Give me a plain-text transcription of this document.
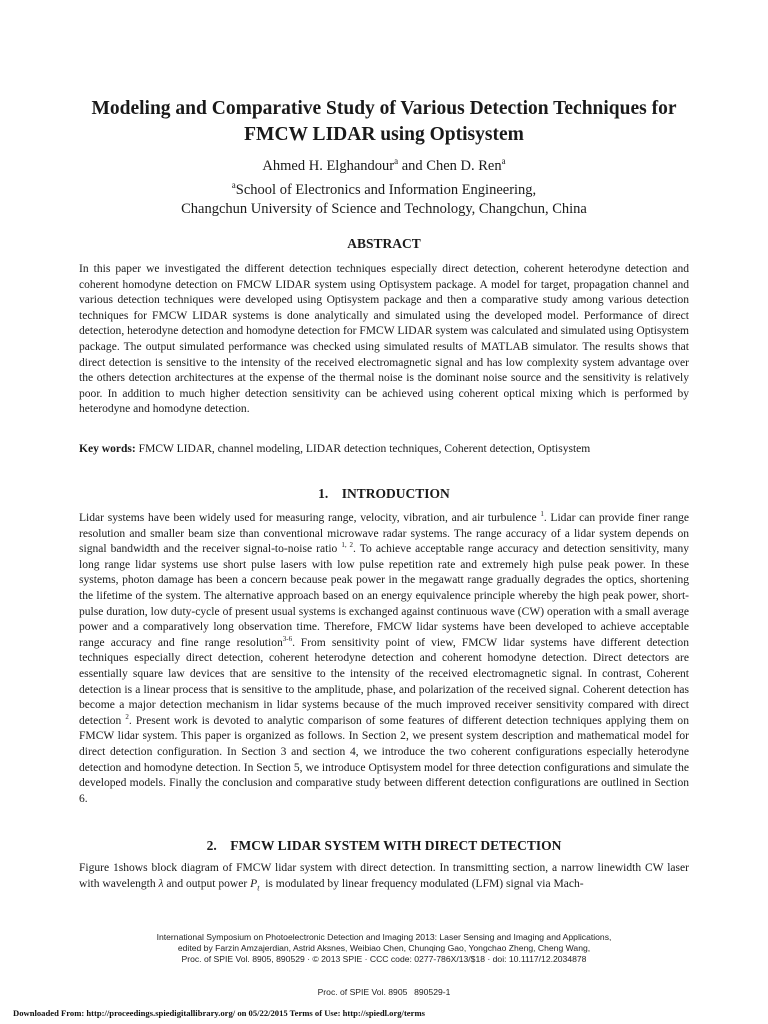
Modeling and Comparative Study of Various Detection Techniques for
FMCW LIDAR using Optisystem
Ahmed H. Elghandour$^a$ and Chen D. Ren$^a$
$^a$School of Electronics and Information Engineering,
Changchun University of Science and Technology, Changchun, China
ABSTRACT

In this paper we investigated the different detection techniques especially direct detection, coherent heterodyne detection and coherent homodyne detection on FMCW LIDAR system using Optisystem package. A model for target, propagation channel and various detection techniques were developed using Optisystem package and then a comparative study among various detection techniques for FMCW LIDAR systems is done analytically and simulated using the developed model. Performance of direct detection, heterodyne detection and homodyne detection for FMCW LIDAR system was calculated and simulated using Optisystem package. The output simulated performance was checked using simulated results of MATLAB simulator. The results shows that direct detection is sensitive to the intensity of the received electromagnetic signal and has low complexity system advantage over the others detection architectures at the expense of the thermal noise is the dominant noise source and the sensitivity is relatively poor. In addition to much higher detection sensitivity can be achieved using coherent optical mixing which is performed by heterodyne and homodyne detection.

Key words: FMCW LIDAR, channel modeling, LIDAR detection techniques, Coherent detection, Optisystem

1. INTRODUCTION

Lidar systems have been widely used for measuring range, velocity, vibration, and air turbulence $^1$. Lidar can provide finer range resolution and smaller beam size than conventional microwave radar systems. The range accuracy of a lidar system depends on signal bandwidth and the receiver signal-to-noise ratio $^{1, 2}$. To achieve acceptable range accuracy and detection sensitivity, many long range lidar systems use short pulse lasers with low pulse repetition rate and extremely high pulse peak power. In these systems, photon damage has been a concern because peak power in the megawatt range gradually degrades the optics, shortening the lifetime of the system. The alternative approach based on an energy equivalence principle whereby the high peak power, short-pulse duration, low duty-cycle of present usual systems is exchanged against continuous wave (CW) operation with a small average power and a comparatively long observation time. Therefore, FMCW lidar systems have been developed to achieve acceptable range accuracy and fine range resolution$^{3-6}$. From sensitivity point of view, FMCW lidar systems have different detection techniques especially direct detection, coherent heterodyne detection and coherent homodyne detection. Direct detectors are essentially square law devices that are sensitive to the intensity of the received electromagnetic signal. In contrast, Coherent detection is a linear process that is sensitive to the amplitude, phase, and polarization of the received signal. Coherent detection has become a major detection mechanism in lidar systems because of the much improved receiver sensitivity compared with direct detection $^2$. Present work is devoted to analytic comparison of some features of different detection techniques applying them on FMCW lidar system. This paper is organized as follows. In Section 2, we present system description and mathematical model for direct detection configuration. In Section 3 and section 4, we introduce the two coherent configurations especially heterodyne detection and homodyne detection. In Section 5, we introduce Optisystem model for three detection configurations and simulate the developed models. Finally the conclusion and comparative study between different detection configurations are outlined in Section 6.

2. FMCW LIDAR SYSTEM WITH DIRECT DETECTION

Figure 1shows block diagram of FMCW lidar system with direct detection. In transmitting section, a narrow linewidth CW laser with wavelength λ and output power $P_t$ is modulated by linear frequency modulated (LFM) signal via Mach-

International Symposium on Photoelectronic Detection and Imaging 2013: Laser Sensing and Imaging and Applications,
edited by Farzin Amzajerdian, Astrid Aksnes, Weibiao Chen, Chunqing Gao, Yongchao Zheng, Cheng Wang,
Proc. of SPIE Vol. 8905, 890529 · © 2013 SPIE · CCC code: 0277-786X/13/$18 · doi: 10.1117/12.2034878
Proc. of SPIE Vol. 8905  890529-1
Downloaded From: http://proceedings.spiedigitallibrary.org/ on 05/22/2015 Terms of Use: http://spiedl.org/terms
